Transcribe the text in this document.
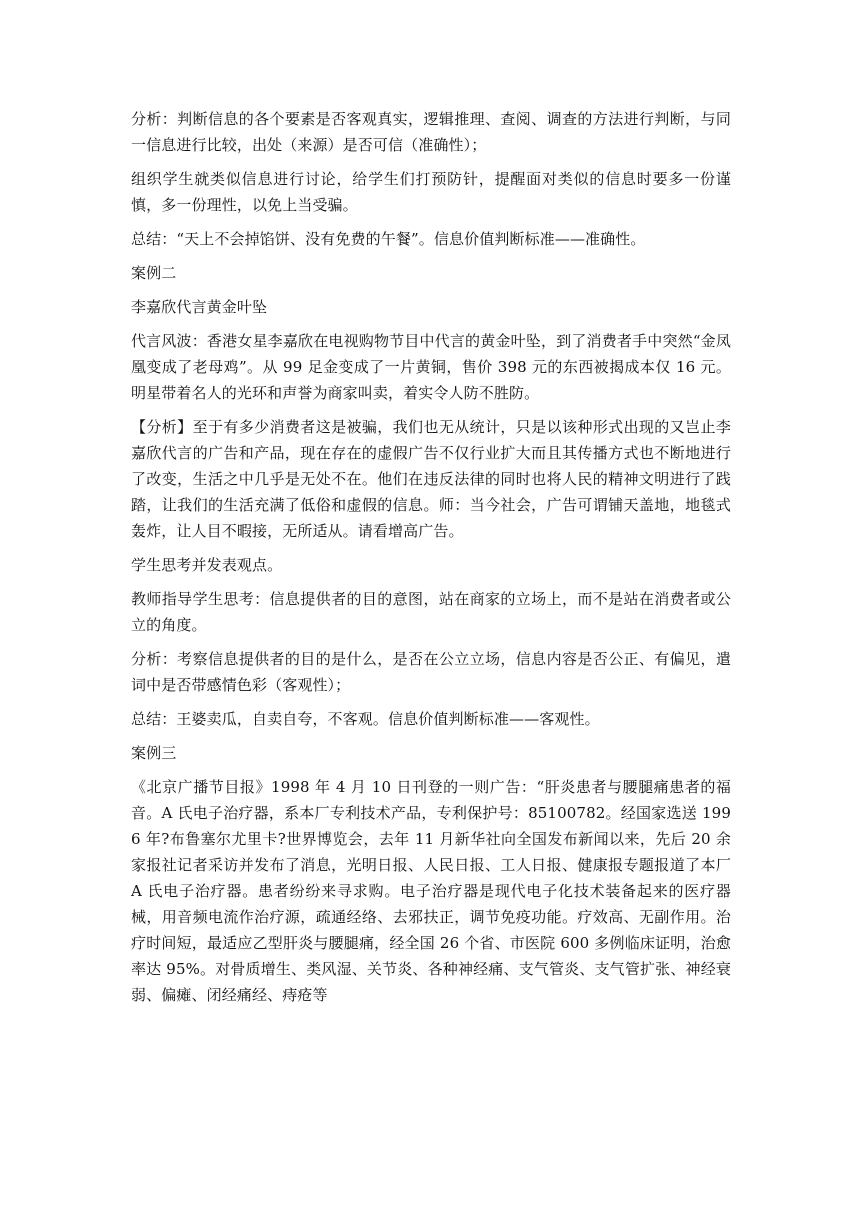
分析：判断信息的各个要素是否客观真实，逻辑推理、查阅、调查的方法进行判断，与同一信息进行比较，出处（来源）是否可信（准确性）；

组织学生就类似信息进行讨论，给学生们打预防针，提醒面对类似的信息时要多一份谨慎，多一份理性，以免上当受骗。

总结：“天上不会掉馅饼、没有免费的午餐”。信息价值判断标准——准确性。

案例二

李嘉欣代言黄金叶坠

代言风波：香港女星李嘉欣在电视购物节目中代言的黄金叶坠，到了消费者手中突然“金凤凰变成了老母鸡”。从 99 足金变成了一片黄铜，售价 398 元的东西被揭成本仅 16 元。明星带着名人的光环和声誉为商家叫卖，着实令人防不胜防。

【分析】至于有多少消费者这是被骗，我们也无从统计，只是以该种形式出现的又岂止李嘉欣代言的广告和产品，现在存在的虚假广告不仅行业扩大而且其传播方式也不断地进行了改变，生活之中几乎是无处不在。他们在违反法律的同时也将人民的精神文明进行了践踏，让我们的生活充满了低俗和虚假的信息。师：当今社会，广告可谓铺天盖地，地毯式轰炸，让人目不暇接，无所适从。请看增高广告。

学生思考并发表观点。

教师指导学生思考：信息提供者的目的意图，站在商家的立场上，而不是站在消费者或公立的角度。

分析：考察信息提供者的目的是什么，是否在公立立场，信息内容是否公正、有偏见，遣词中是否带感情色彩（客观性）；

总结：王婆卖瓜，自卖自夸，不客观。信息价值判断标准——客观性。

案例三

《北京广播节目报》1998 年 4 月 10 日刊登的一则广告：“肝炎患者与腰腿痛患者的福音。A 氏电子治疗器，系本厂专利技术产品，专利保护号：85100782。经国家选送 1996 年?布鲁塞尔尤里卡?世界博览会，去年 11 月新华社向全国发布新闻以来，先后 20 余家报社记者采访并发布了消息，光明日报、人民日报、工人日报、健康报专题报道了本厂 A 氏电子治疗器。患者纷纷来寻求购。电子治疗器是现代电子化技术装备起来的医疗器械，用音频电流作治疗源，疏通经络、去邪扶正，调节免疫功能。疗效高、无副作用。治疗时间短，最适应乙型肝炎与腰腿痛，经全国 26 个省、市医院 600 多例临床证明，治愈率达 95%。对骨质增生、类风湿、关节炎、各种神经痛、支气管炎、支气管扩张、神经衰弱、偏瘫、闭经痛经、痔疮等
